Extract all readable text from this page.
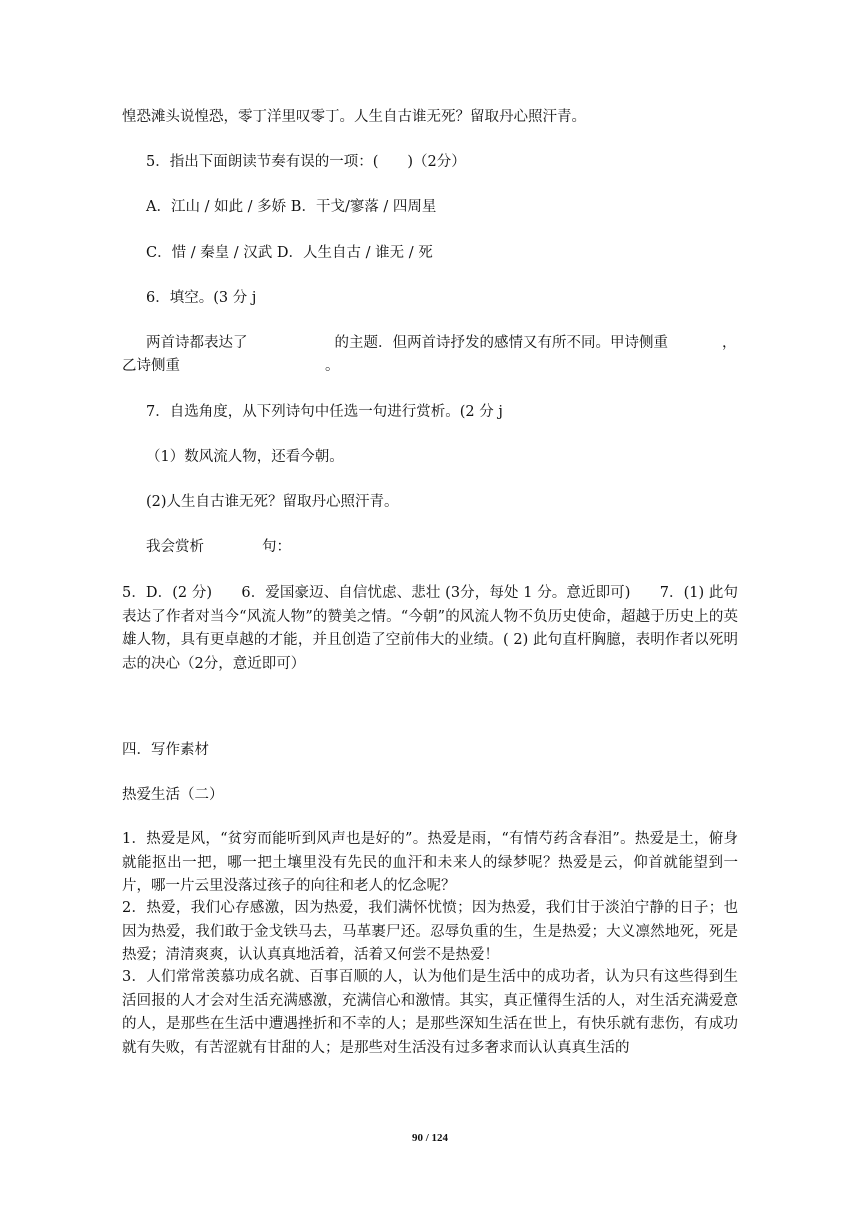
惶恐滩头说惶恐，零丁洋里叹零丁。人生自古谁无死？留取丹心照汗青。
5．指出下面朗读节奏有误的一项：(　　)（2分）
A．江山 / 如此 / 多娇 B．干戈/寥落 / 四周星
C．惜 / 秦皇 / 汉武 D．人生自古 / 谁无 / 死
6．填空。(3 分 j
两首诗都表达了　　　　　　的主题．但两首诗抒发的感情又有所不同。甲诗侧重	，
乙诗侧重　　　　　　　　　　。
7．自选角度，从下列诗句中任选一句进行赏析。(2 分 j
（1）数风流人物，还看今朝。
(2)人生自古谁无死？留取丹心照汗青。
我会赏析　　　　句：
5．D．(2 分)　　6．爱国豪迈、自信忧虑、悲壮 (3分，每处 1 分。意近即可)　　7．(1) 此句表达了作者对当今“风流人物”的赞美之情。“今朝”的风流人物不负历史使命，超越于历史上的英雄人物，具有更卓越的才能，并且创造了空前伟大的业绩。( 2) 此句直杆胸臆，表明作者以死明志的决心（2分，意近即可）
四．写作素材
热爱生活（二）
1．热爱是风，“贫穷而能听到风声也是好的”。热爱是雨，“有情芍药含春泪”。热爱是土，俯身就能抠出一把，哪一把土壤里没有先民的血汗和未来人的绿梦呢？热爱是云，仰首就能望到一片，哪一片云里没落过孩子的向往和老人的忆念呢？
2．热爱，我们心存感激，因为热爱，我们满怀忧愤；因为热爱，我们甘于淡泊宁静的日子；也因为热爱，我们敢于金戈铁马去，马革裹尸还。忍辱负重的生，生是热爱；大义凛然地死，死是热爱；清清爽爽，认认真真地活着，活着又何尝不是热爱！
3．人们常常羡慕功成名就、百事百顺的人，认为他们是生活中的成功者，认为只有这些得到生活回报的人才会对生活充满感激，充满信心和激情。其实，真正懂得生活的人，对生活充满爱意的人，是那些在生活中遭遇挫折和不幸的人；是那些深知生活在世上，有快乐就有悲伤，有成功就有失败，有苦涩就有甘甜的人；是那些对生活没有过多奢求而认认真真生活的
90 / 124
